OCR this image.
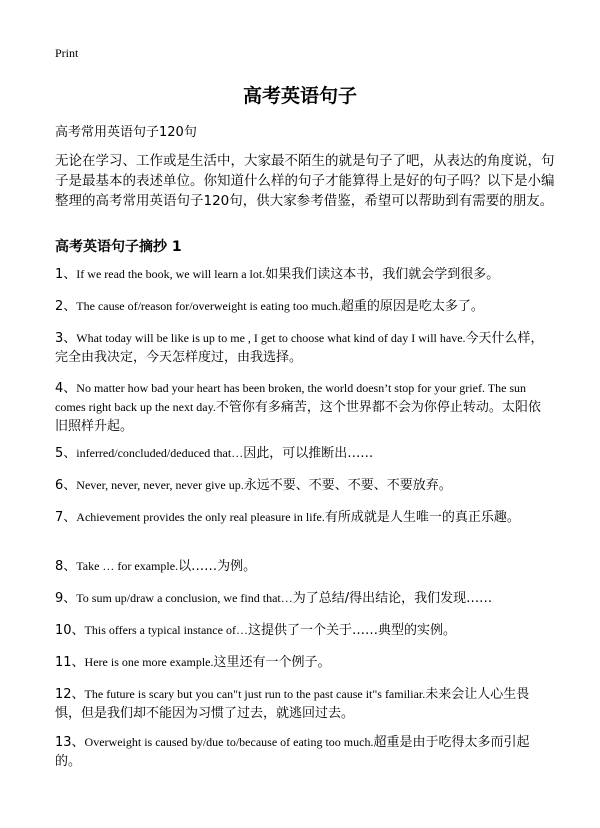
Print
高考英语句子
高考常用英语句子120句
无论在学习、工作或是生活中，大家最不陌生的就是句子了吧，从表达的角度说，句子是最基本的表述单位。你知道什么样的句子才能算得上是好的句子吗？以下是小编整理的高考常用英语句子120句，供大家参考借鉴，希望可以帮助到有需要的朋友。
高考英语句子摘抄 1
1、If we read the book, we will learn a lot.如果我们读这本书，我们就会学到很多。
2、The cause of/reason for/overweight is eating too much.超重的原因是吃太多了。
3、What today will be like is up to me , I get to choose what kind of day I will have.今天什么样，完全由我决定，今天怎样度过，由我选择。
4、No matter how bad your heart has been broken, the world doesn’t stop for your grief. The sun comes right back up the next day.不管你有多痛苦，这个世界都不会为你停止转动。太阳依旧照样升起。
5、inferred/concluded/deduced that…因此，可以推断出……
6、Never, never, never, never give up.永远不要、不要、不要、不要放弃。
7、Achievement provides the only real pleasure in life.有所成就是人生唯一的真正乐趣。
8、Take … for example.以……为例。
9、To sum up/draw a conclusion, we find that…为了总结/得出结论，我们发现……
10、This offers a typical instance of…这提供了一个关于……典型的实例。
11、Here is one more example.这里还有一个例子。
12、The future is scary but you can"t just run to the past cause it"s familiar.未来会让人心生畏惧，但是我们却不能因为习惯了过去，就逃回过去。
13、Overweight is caused by/due to/because of eating too much.超重是由于吃得太多而引起的。
